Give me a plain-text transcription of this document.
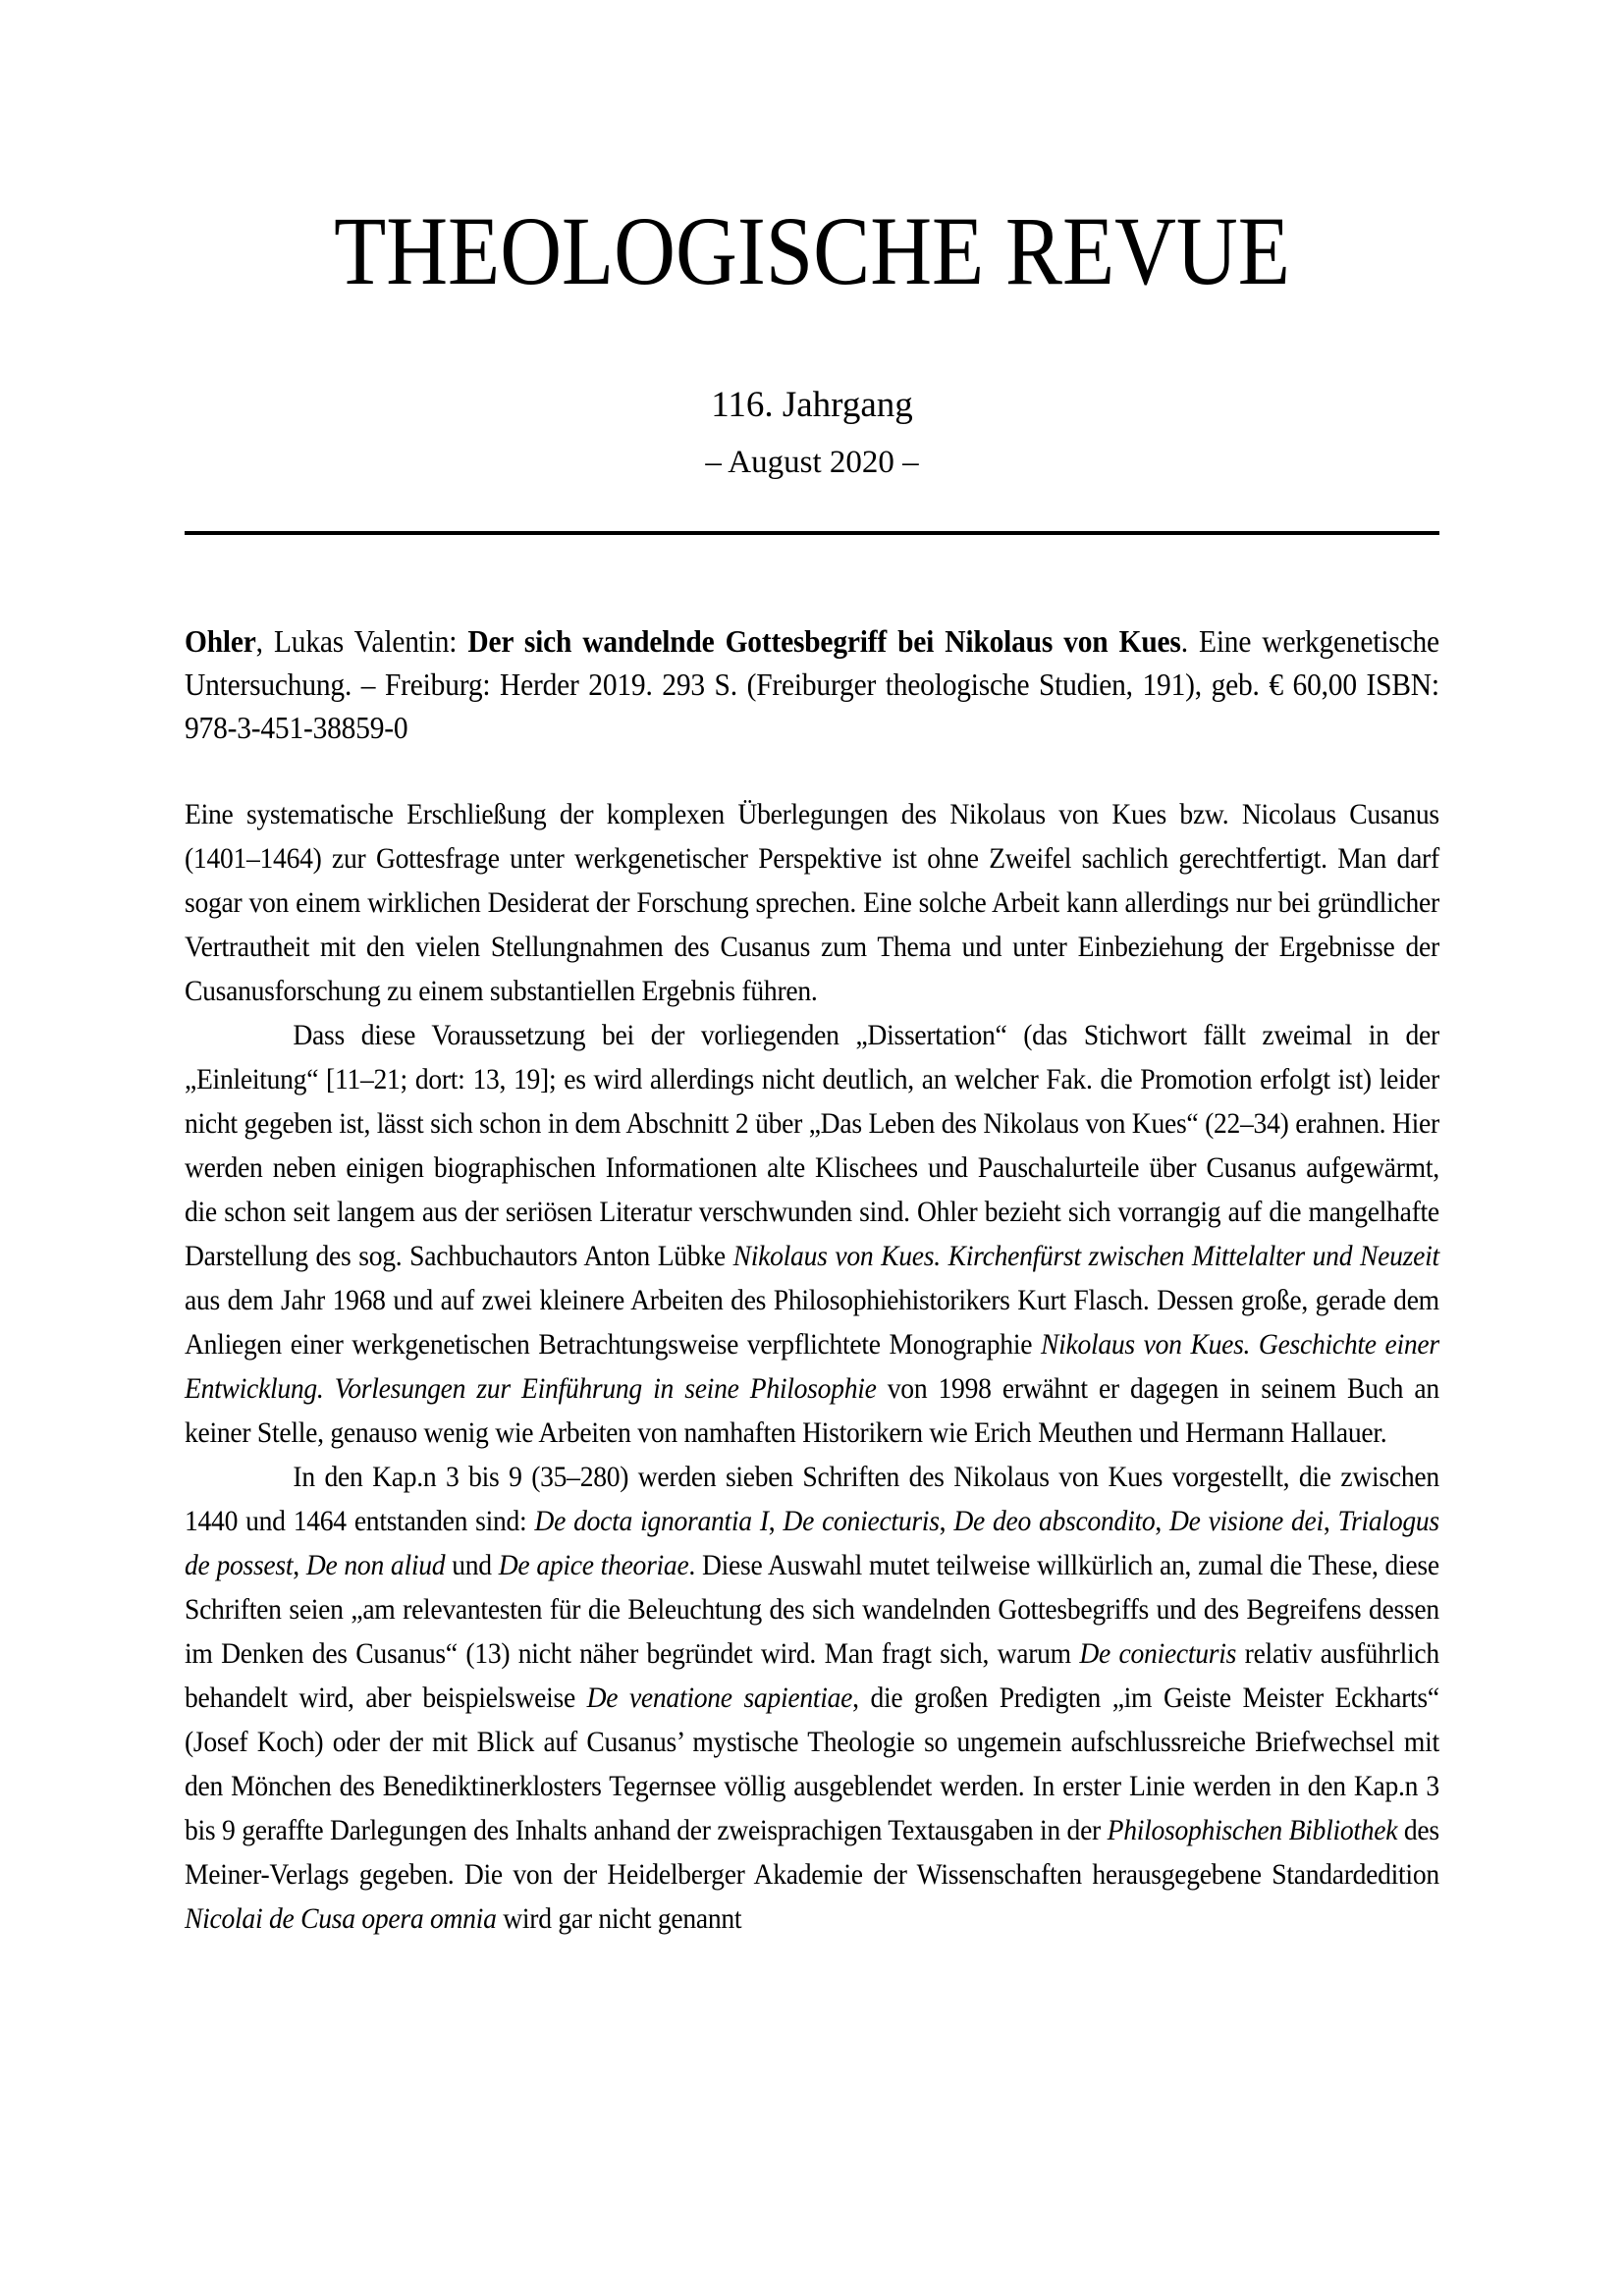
THEOLOGISCHE REVUE
116. Jahrgang
– August 2020 –

Ohler, Lukas Valentin: Der sich wandelnde Gottesbegriff bei Nikolaus von Kues. Eine werkgenetische Untersuchung. – Freiburg: Herder 2019. 293 S. (Freiburger theologische Studien, 191), geb. € 60,00 ISBN: 978-3-451-38859-0

Eine systematische Erschließung der komplexen Überlegungen des Nikolaus von Kues bzw. Nicolaus Cusanus (1401–1464) zur Gottesfrage unter werkgenetischer Perspektive ist ohne Zweifel sachlich gerechtfertigt. Man darf sogar von einem wirklichen Desiderat der Forschung sprechen. Eine solche Arbeit kann allerdings nur bei gründlicher Vertrautheit mit den vielen Stellungnahmen des Cusanus zum Thema und unter Einbeziehung der Ergebnisse der Cusanusforschung zu einem substantiellen Ergebnis führen.

Dass diese Voraussetzung bei der vorliegenden „Dissertation“ (das Stichwort fällt zweimal in der „Einleitung“ [11–21; dort: 13, 19]; es wird allerdings nicht deutlich, an welcher Fak. die Promotion erfolgt ist) leider nicht gegeben ist, lässt sich schon in dem Abschnitt 2 über „Das Leben des Nikolaus von Kues“ (22–34) erahnen. Hier werden neben einigen biographischen Informationen alte Klischees und Pauschalurteile über Cusanus aufgewärmt, die schon seit langem aus der seriösen Literatur verschwunden sind. Ohler bezieht sich vorrangig auf die mangelhafte Darstellung des sog. Sachbuchautors Anton Lübke Nikolaus von Kues. Kirchenfürst zwischen Mittelalter und Neuzeit aus dem Jahr 1968 und auf zwei kleinere Arbeiten des Philosophiehistorikers Kurt Flasch. Dessen große, gerade dem Anliegen einer werkgenetischen Betrachtungsweise verpflichtete Monographie Nikolaus von Kues. Geschichte einer Entwicklung. Vorlesungen zur Einführung in seine Philosophie von 1998 erwähnt er dagegen in seinem Buch an keiner Stelle, genauso wenig wie Arbeiten von namhaften Historikern wie Erich Meuthen und Hermann Hallauer.

In den Kap.n 3 bis 9 (35–280) werden sieben Schriften des Nikolaus von Kues vorgestellt, die zwischen 1440 und 1464 entstanden sind: De docta ignorantia I, De coniecturis, De deo abscondito, De visione dei, Trialogus de possest, De non aliud und De apice theoriae. Diese Auswahl mutet teilweise willkürlich an, zumal die These, diese Schriften seien „am relevantesten für die Beleuchtung des sich wandelnden Gottesbegriffs und des Begreifens dessen im Denken des Cusanus“ (13) nicht näher begründet wird. Man fragt sich, warum De coniecturis relativ ausführlich behandelt wird, aber beispielsweise De venatione sapientiae, die großen Predigten „im Geiste Meister Eckharts“ (Josef Koch) oder der mit Blick auf Cusanus’ mystische Theologie so ungemein aufschlussreiche Briefwechsel mit den Mönchen des Benediktinerklosters Tegernsee völlig ausgeblendet werden. In erster Linie werden in den Kap.n 3 bis 9 geraffte Darlegungen des Inhalts anhand der zweisprachigen Textausgaben in der Philosophischen Bibliothek des Meiner-Verlags gegeben. Die von der Heidelberger Akademie der Wissenschaften herausgegebene Standardedition Nicolai de Cusa opera omnia wird gar nicht genannt
